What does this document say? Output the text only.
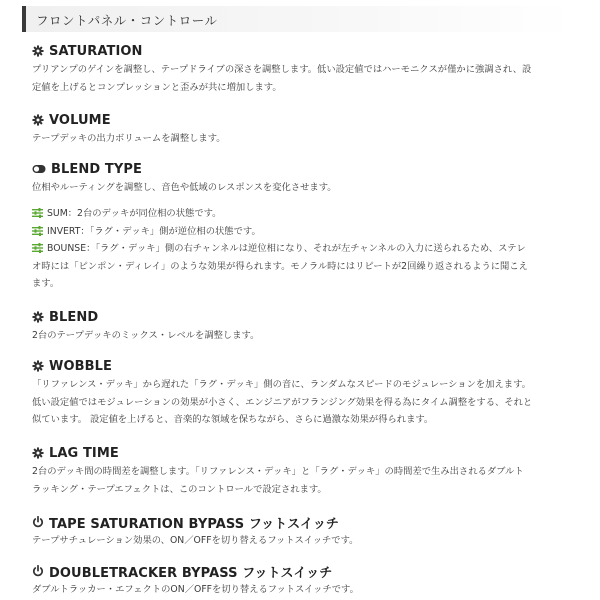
フロントパネル・コントロール
SATURATION
プリアンプのゲインを調整し、テープドライブの深さを調整します。低い設定値ではハーモニクスが僅かに強調され、設
定値を上げるとコンプレッションと歪みが共に増加します。
VOLUME
テープデッキの出力ボリュームを調整します。
BLEND TYPE
位相やルーティングを調整し、音色や低域のレスポンスを変化させます。
SUM：2台のデッキが同位相の状態です。
INVERT：「ラグ・デッキ」側が逆位相の状態です。
BOUNSE：「ラグ・デッキ」側の右チャンネルは逆位相になり、それが左チャンネルの入力に送られるため、ステレ
オ時には「ピンポン・ディレイ」のような効果が得られます。モノラル時にはリピートが2回繰り返されるように聞こえ
ます。
BLEND
2台のテープデッキのミックス・レベルを調整します。
WOBBLE
「リファレンス・デッキ」から遅れた「ラグ・デッキ」側の音に、ランダムなスピードのモジュレーションを加えます。
低い設定値ではモジュレーションの効果が小さく、エンジニアがフランジング効果を得る為にタイム調整をする、それと
似ています。 設定値を上げると、音楽的な領域を保ちながら、さらに過激な効果が得られます。
LAG TIME
2台のデッキ間の時間差を調整します。「リファレンス・デッキ」と「ラグ・デッキ」の時間差で生み出されるダブルト
ラッキング・テープエフェクトは、このコントロールで設定されます。
TAPE SATURATION BYPASS フットスイッチ
テープサチュレーション効果の、ON／OFFを切り替えるフットスイッチです。
DOUBLETRACKER BYPASS フットスイッチ
ダブルトラッカー・エフェクトのON／OFFを切り替えるフットスイッチです。
